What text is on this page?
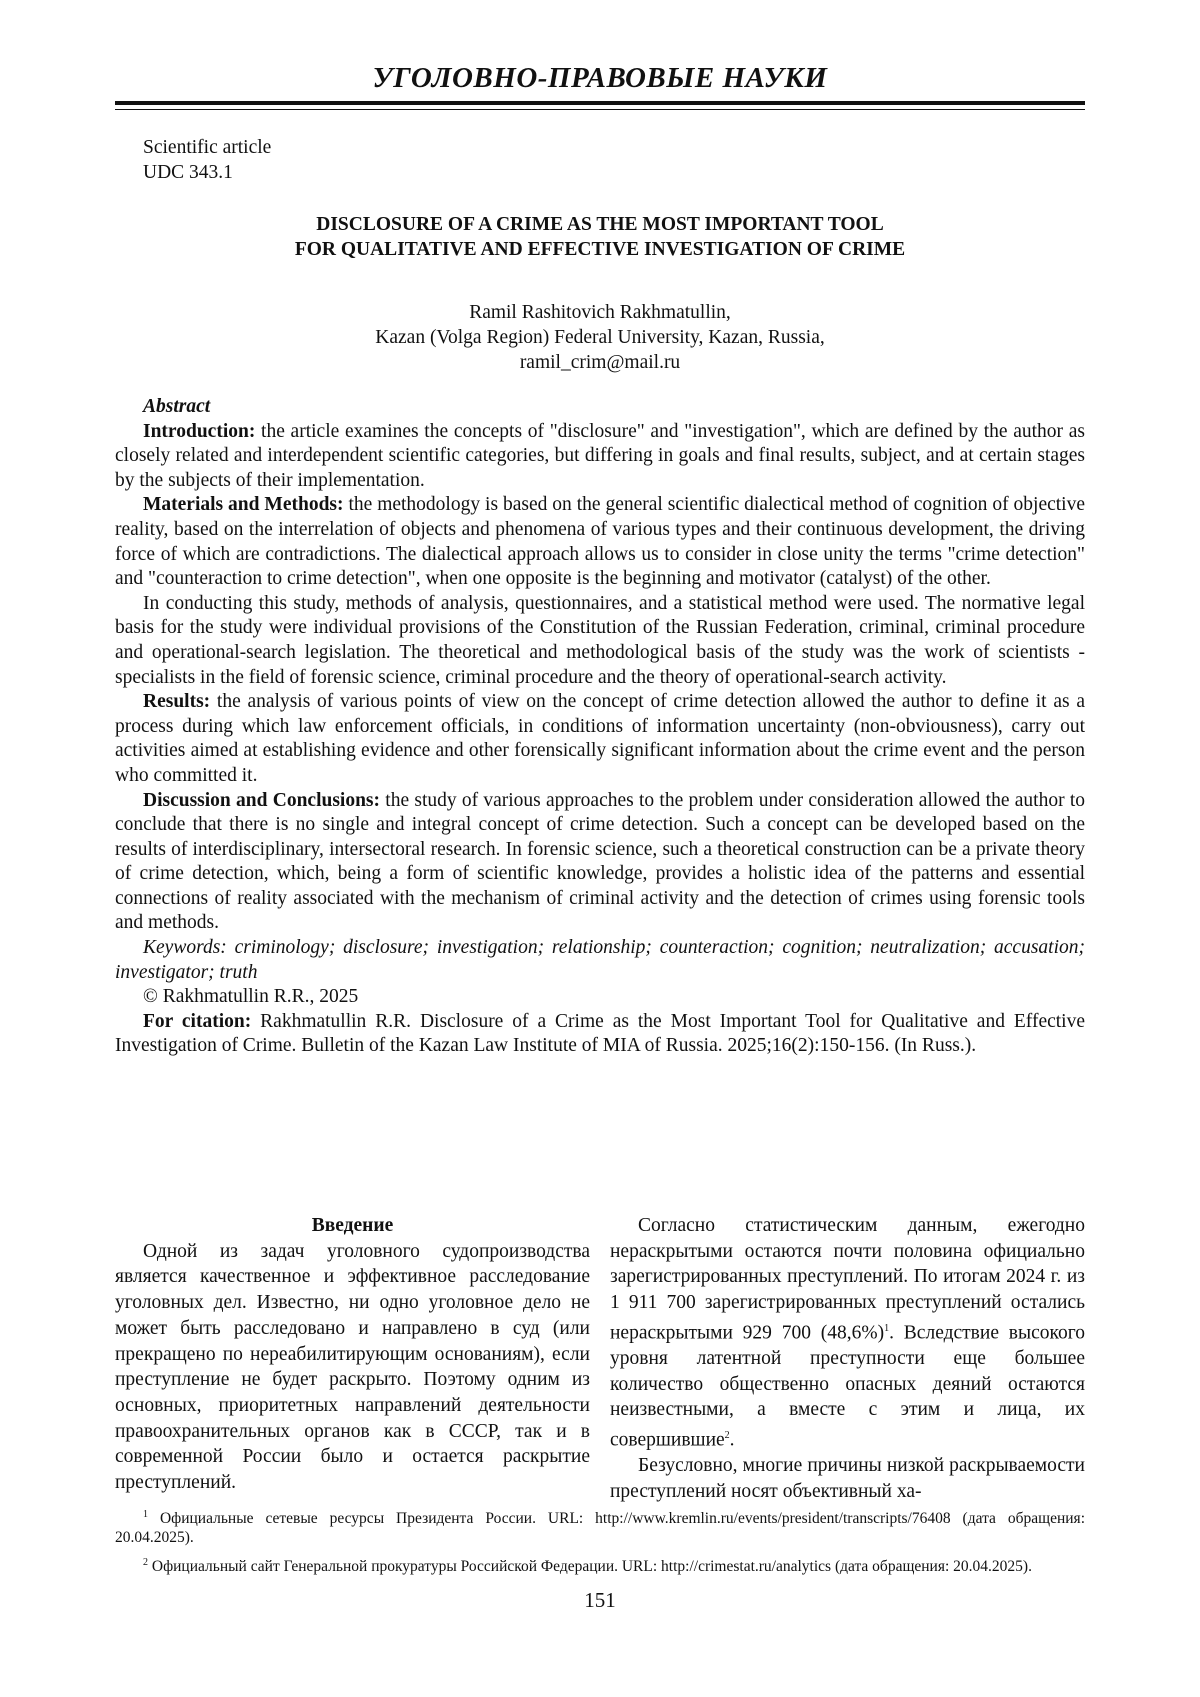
УГОЛОВНО-ПРАВОВЫЕ НАУКИ
Scientific article
UDC 343.1
DISCLOSURE OF A CRIME AS THE MOST IMPORTANT TOOL
FOR QUALITATIVE AND EFFECTIVE INVESTIGATION OF CRIME
Ramil Rashitovich Rakhmatullin,
Kazan (Volga Region) Federal University, Kazan, Russia,
ramil_crim@mail.ru

Abstract

Introduction: the article examines the concepts of "disclosure" and "investigation", which are defined by the author as closely related and interdependent scientific categories, but differing in goals and final results, subject, and at certain stages by the subjects of their implementation.

Materials and Methods: the methodology is based on the general scientific dialectical method of cognition of objective reality, based on the interrelation of objects and phenomena of various types and their continuous development, the driving force of which are contradictions. The dialectical approach allows us to consider in close unity the terms "crime detection" and "counteraction to crime detection", when one opposite is the beginning and motivator (catalyst) of the other.

In conducting this study, methods of analysis, questionnaires, and a statistical method were used. The normative legal basis for the study were individual provisions of the Constitution of the Russian Federation, criminal, criminal procedure and operational-search legislation. The theoretical and methodological basis of the study was the work of scientists - specialists in the field of forensic science, criminal procedure and the theory of operational-search activity.

Results: the analysis of various points of view on the concept of crime detection allowed the author to define it as a process during which law enforcement officials, in conditions of information uncertainty (non-obviousness), carry out activities aimed at establishing evidence and other forensically significant information about the crime event and the person who committed it.

Discussion and Conclusions: the study of various approaches to the problem under consideration allowed the author to conclude that there is no single and integral concept of crime detection. Such a concept can be developed based on the results of interdisciplinary, intersectoral research. In forensic science, such a theoretical construction can be a private theory of crime detection, which, being a form of scientific knowledge, provides a holistic idea of the patterns and essential connections of reality associated with the mechanism of criminal activity and the detection of crimes using forensic tools and methods.

Keywords: criminology; disclosure; investigation; relationship; counteraction; cognition; neutralization; accusation; investigator; truth

© Rakhmatullin R.R., 2025

For citation: Rakhmatullin R.R. Disclosure of a Crime as the Most Important Tool for Qualitative and Effective Investigation of Crime. Bulletin of the Kazan Law Institute of MIA of Russia. 2025;16(2):150-156. (In Russ.).

Введение

Одной из задач уголовного судопроизводства является качественное и эффективное расследование уголовных дел. Известно, ни одно уголовное дело не может быть расследовано и направлено в суд (или прекращено по нереабилитирующим основаниям), если преступление не будет раскрыто. Поэтому одним из основных, приоритетных направлений деятельности правоохранительных органов как в СССР, так и в современной России было и остается раскрытие преступлений.

Согласно статистическим данным, ежегодно нераскрытыми остаются почти половина официально зарегистрированных преступлений. По итогам 2024 г. из 1 911 700 зарегистрированных преступлений остались нераскрытыми 929 700 (48,6%)1. Вследствие высокого уровня латентной преступности еще большее количество общественно опасных деяний остаются неизвестными, а вместе с этим и лица, их совершившие2.

Безусловно, многие причины низкой раскрываемости преступлений носят объективный ха-

1 Официальные сетевые ресурсы Президента России. URL: http://www.kremlin.ru/events/president/transcripts/76408 (дата обращения: 20.04.2025).

2 Официальный сайт Генеральной прокуратуры Российской Федерации. URL: http://crimestat.ru/analytics (дата обращения: 20.04.2025).

151
